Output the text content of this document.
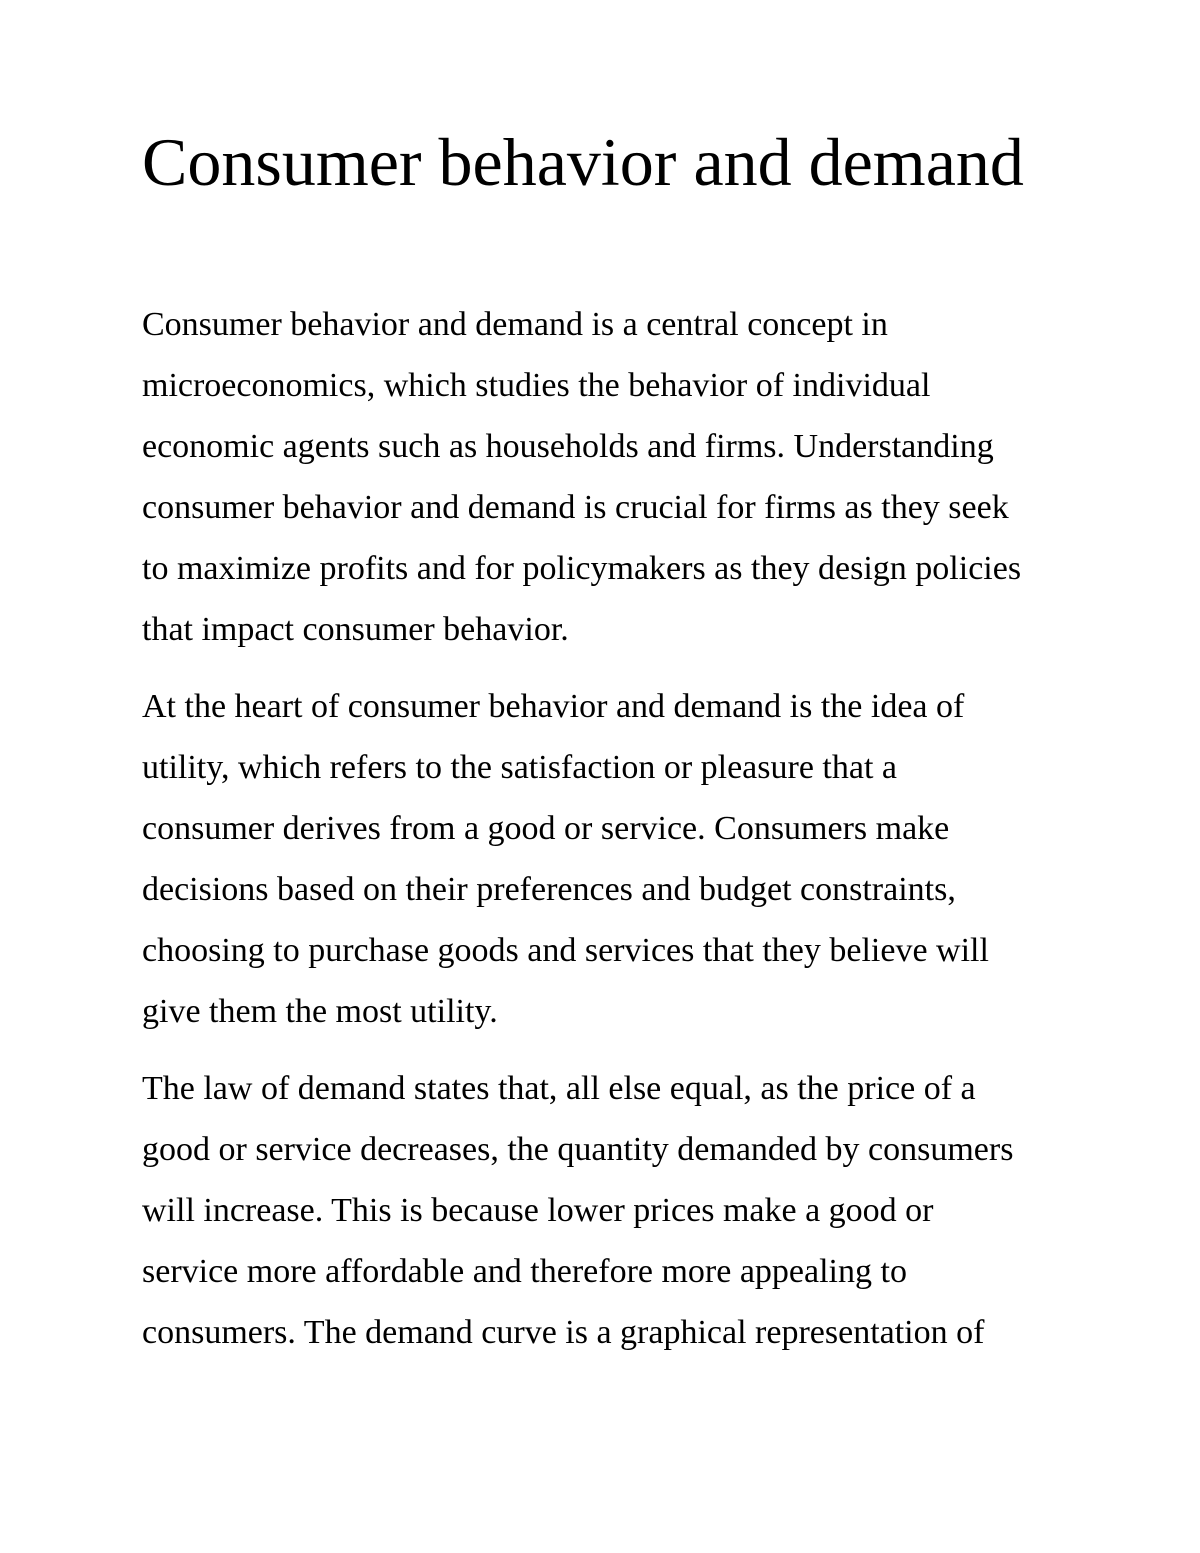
Consumer behavior and demand

Consumer behavior and demand is a central concept in
microeconomics, which studies the behavior of individual
economic agents such as households and firms. Understanding
consumer behavior and demand is crucial for firms as they seek
to maximize profits and for policymakers as they design policies
that impact consumer behavior.

At the heart of consumer behavior and demand is the idea of
utility, which refers to the satisfaction or pleasure that a
consumer derives from a good or service. Consumers make
decisions based on their preferences and budget constraints,
choosing to purchase goods and services that they believe will
give them the most utility.

The law of demand states that, all else equal, as the price of a
good or service decreases, the quantity demanded by consumers
will increase. This is because lower prices make a good or
service more affordable and therefore more appealing to
consumers. The demand curve is a graphical representation of
